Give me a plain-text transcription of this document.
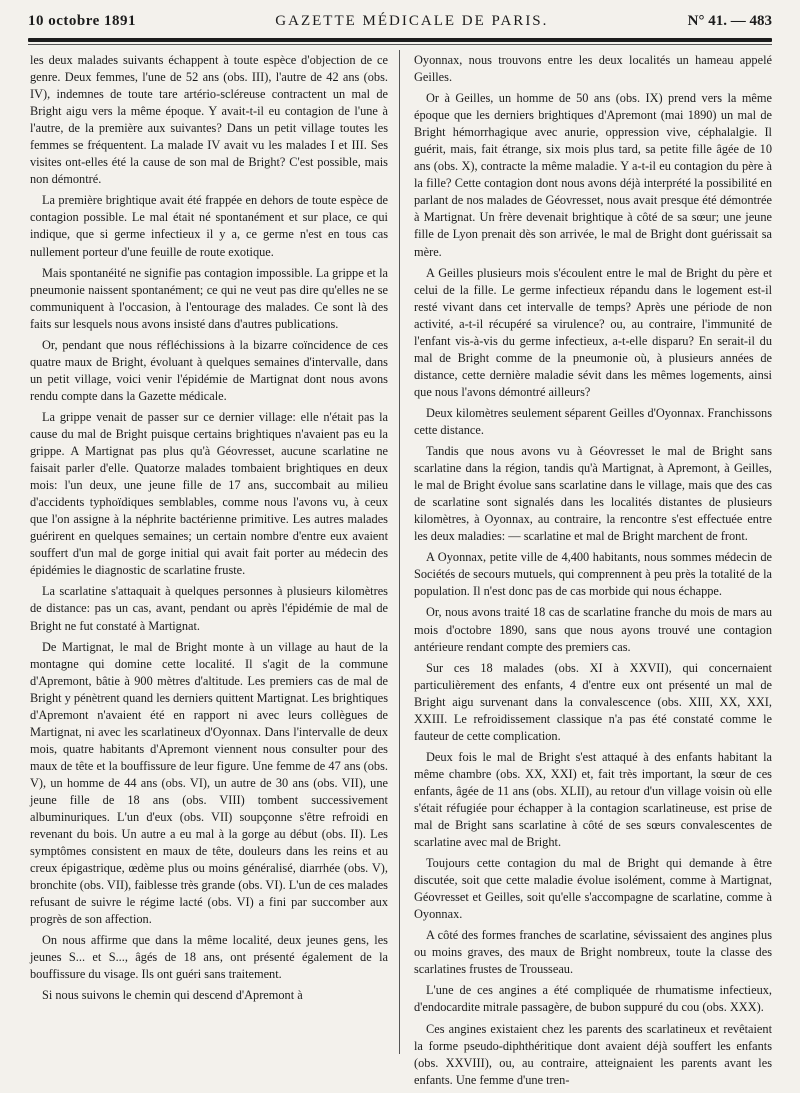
10 octobre 1891	GAZETTE MÉDICALE DE PARIS.	N° 41. — 483

les deux malades suivants échappent à toute espèce d'objection de ce genre. Deux femmes, l'une de 52 ans (obs. III), l'autre de 42 ans (obs. IV), indemnes de toute tare artério-scléreuse contractent un mal de Bright aigu vers la même époque. Y avait-t-il eu contagion de l'une à l'autre, de la première aux suivantes? Dans un petit village toutes les femmes se fréquentent. La malade IV avait vu les malades I et III. Ses visites ont-elles été la cause de son mal de Bright? C'est possible, mais non démontré.

La première brightique avait été frappée en dehors de toute espèce de contagion possible. Le mal était né spontanément et sur place, ce qui indique, que si germe infectieux il y a, ce germe n'est en tous cas nullement porteur d'une feuille de route exotique.

Mais spontanéité ne signifie pas contagion impossible. La grippe et la pneumonie naissent spontanément; ce qui ne veut pas dire qu'elles ne se communiquent à l'occasion, à l'entourage des malades. Ce sont là des faits sur lesquels nous avons insisté dans d'autres publications.

Or, pendant que nous réfléchissions à la bizarre coïncidence de ces quatre maux de Bright, évoluant à quelques semaines d'intervalle, dans un petit village, voici venir l'épidémie de Martignat dont nous avons rendu compte dans la Gazette médicale.

La grippe venait de passer sur ce dernier village: elle n'était pas la cause du mal de Bright puisque certains brightiques n'avaient pas eu la grippe. A Martignat pas plus qu'à Géovresset, aucune scarlatine ne faisait parler d'elle. Quatorze malades tombaient brightiques en deux mois: l'un deux, une jeune fille de 17 ans, succombait au milieu d'accidents typhoïdiques semblables, comme nous l'avons vu, à ceux que l'on assigne à la néphrite bactérienne primitive. Les autres malades guérirent en quelques semaines; un certain nombre d'entre eux avaient souffert d'un mal de gorge initial qui avait fait porter au médecin des épidémies le diagnostic de scarlatine fruste.

La scarlatine s'attaquait à quelques personnes à plusieurs kilomètres de distance: pas un cas, avant, pendant ou après l'épidémie de mal de Bright ne fut constaté à Martignat.

De Martignat, le mal de Bright monte à un village au haut de la montagne qui domine cette localité. Il s'agit de la commune d'Apremont, bâtie à 900 mètres d'altitude. Les premiers cas de mal de Bright y pénètrent quand les derniers quittent Martignat. Les brightiques d'Apremont n'avaient été en rapport ni avec leurs collègues de Martignat, ni avec les scarlatineux d'Oyonnax. Dans l'intervalle de deux mois, quatre habitants d'Apremont viennent nous consulter pour des maux de tête et la bouffissure de leur figure. Une femme de 47 ans (obs. V), un homme de 44 ans (obs. VI), un autre de 30 ans (obs. VII), une jeune fille de 18 ans (obs. VIII) tombent successivement albuminuriques. L'un d'eux (obs. VII) soupçonne s'être refroidi en revenant du bois. Un autre a eu mal à la gorge au début (obs. II). Les symptômes consistent en maux de tête, douleurs dans les reins et au creux épigastrique, œdème plus ou moins généralisé, diarrhée (obs. V), bronchite (obs. VII), faiblesse très grande (obs. VI). L'un de ces malades refusant de suivre le régime lacté (obs. VI) a fini par succomber aux progrès de son affection.

On nous affirme que dans la même localité, deux jeunes gens, les jeunes S... et S..., âgés de 18 ans, ont présenté également de la bouffissure du visage. Ils ont guéri sans traitement.

Si nous suivons le chemin qui descend d'Apremont à

Oyonnax, nous trouvons entre les deux localités un hameau appelé Geilles.

Or à Geilles, un homme de 50 ans (obs. IX) prend vers la même époque que les derniers brightiques d'Apremont (mai 1890) un mal de Bright hémorrhagique avec anurie, oppression vive, céphalalgie. Il guérit, mais, fait étrange, six mois plus tard, sa petite fille âgée de 10 ans (obs. X), contracte la même maladie. Y a-t-il eu contagion du père à la fille? Cette contagion dont nous avons déjà interprété la possibilité en parlant de nos malades de Géovresset, nous avait presque été démontrée à Martignat. Un frère devenait brightique à côté de sa sœur; une jeune fille de Lyon prenait dès son arrivée, le mal de Bright dont guérissait sa mère.

A Geilles plusieurs mois s'écoulent entre le mal de Bright du père et celui de la fille. Le germe infectieux répandu dans le logement est-il resté vivant dans cet intervalle de temps? Après une période de non activité, a-t-il récupéré sa virulence? ou, au contraire, l'immunité de l'enfant vis-à-vis du germe infectieux, a-t-elle disparu? En serait-il du mal de Bright comme de la pneumonie où, à plusieurs années de distance, cette dernière maladie sévit dans les mêmes logements, ainsi que nous l'avons démontré ailleurs?

Deux kilomètres seulement séparent Geilles d'Oyonnax. Franchissons cette distance.

Tandis que nous avons vu à Géovresset le mal de Bright sans scarlatine dans la région, tandis qu'à Martignat, à Apremont, à Geilles, le mal de Bright évolue sans scarlatine dans le village, mais que des cas de scarlatine sont signalés dans les localités distantes de plusieurs kilomètres, à Oyonnax, au contraire, la rencontre s'est effectuée entre les deux maladies: — scarlatine et mal de Bright marchent de front.

A Oyonnax, petite ville de 4,400 habitants, nous sommes médecin de Sociétés de secours mutuels, qui comprennent à peu près la totalité de la population. Il n'est donc pas de cas morbide qui nous échappe.

Or, nous avons traité 18 cas de scarlatine franche du mois de mars au mois d'octobre 1890, sans que nous ayons trouvé une contagion antérieure rendant compte des premiers cas.

Sur ces 18 malades (obs. XI à XXVII), qui concernaient particulièrement des enfants, 4 d'entre eux ont présenté un mal de Bright aigu survenant dans la convalescence (obs. XIII, XX, XXI, XXIII. Le refroidissement classique n'a pas été constaté comme le fauteur de cette complication.

Deux fois le mal de Bright s'est attaqué à des enfants habitant la même chambre (obs. XX, XXI) et, fait très important, la sœur de ces enfants, âgée de 11 ans (obs. XLII), au retour d'un village voisin où elle s'était réfugiée pour échapper à la contagion scarlatineuse, est prise de mal de Bright sans scarlatine à côté de ses sœurs convalescentes de scarlatine avec mal de Bright.

Toujours cette contagion du mal de Bright qui demande à être discutée, soit que cette maladie évolue isolément, comme à Martignat, Géovresset et Geilles, soit qu'elle s'accompagne de scarlatine, comme à Oyonnax.

A côté des formes franches de scarlatine, sévissaient des angines plus ou moins graves, des maux de Bright nombreux, toute la classe des scarlatines frustes de Trousseau.

L'une de ces angines a été compliquée de rhumatisme infectieux, d'endocardite mitrale passagère, de bubon suppuré du cou (obs. XXX).

Ces angines existaient chez les parents des scarlatineux et revêtaient la forme pseudo-diphthéritique dont avaient déjà souffert les enfants (obs. XXVIII), ou, au contraire, atteignaient les parents avant les enfants. Une femme d'une tren-
